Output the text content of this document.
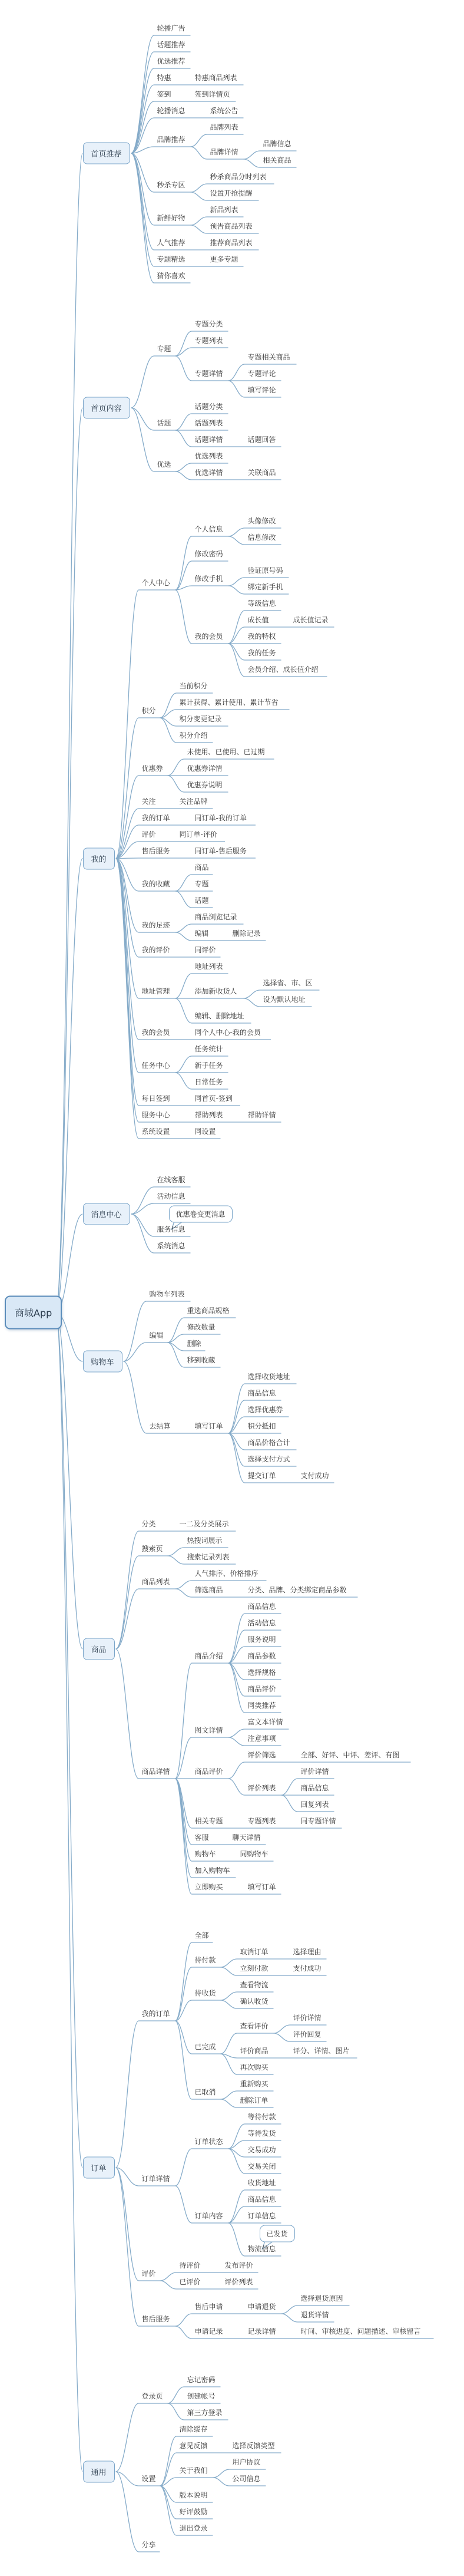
商城App
首页推荐
轮播广告
话题推荐
优选推荐
特惠	特惠商品列表
签到	签到详情页
轮播消息	系统公告
品牌推荐
品牌列表
品牌详情
品牌信息
相关商品
秒杀专区
秒杀商品分时列表
设置开抢提醒
新鲜好物
新品列表
预告商品列表
人气推荐	推荐商品列表
专题精选	更多专题
猜你喜欢
首页内容
专题
专题分类
专题列表
专题详情
专题相关商品
专题评论
填写评论
话题
话题分类
话题列表
话题详情	话题回答
优选
优选列表
优选详情	关联商品
我的
个人中心
个人信息
头像修改
信息修改
修改密码
修改手机
验证原号码
绑定新手机
我的会员
等级信息
成长值	成长值记录
我的特权
我的任务
会员介绍、成长值介绍
积分
当前积分
累计获得、累计使用、累计节省
积分变更记录
积分介绍
优惠券
未使用、已使用、已过期
优惠券详情
优惠券说明
关注	关注品牌
我的订单	同订单-我的订单
评价	同订单-评价
售后服务	同订单-售后服务
我的收藏
商品
专题
话题
我的足迹
商品浏览记录
编辑	删除记录
我的评价	同评价
地址管理
地址列表
添加新收货人
选择省、市、区
设为默认地址
编辑、删除地址
我的会员	同个人中心-我的会员
任务中心
任务统计
新手任务
日常任务
每日签到	同首页-签到
服务中心	帮助列表	帮助详情
系统设置	同设置
消息中心
在线客服
活动信息
优惠卷变更消息
服务信息
系统消息
购物车
购物车列表
编辑
重选商品规格
修改数量
删除
移到收藏
去结算	填写订单
选择收货地址
商品信息
选择优惠券
积分抵扣
商品价格合计
选择支付方式
提交订单	支付成功
商品
分类	一二及分类展示
搜索页
热搜词展示
搜索记录列表
商品列表
人气排序、价格排序
筛选商品	分类、品牌、分类绑定商品参数
商品详情
商品介绍
商品信息
活动信息
服务说明
商品参数
选择规格
商品评价
同类推荐
图文详情
富文本详情
注意事项
商品评价
评价筛选	全部、好评、中评、差评、有图
评价列表
评价详情
商品信息
回复列表
相关专题	专题列表	同专题详情
客服	聊天详情
购物车	同购物车
加入购物车
立即购买	填写订单
订单
我的订单
全部
待付款
取消订单	选择理由
立刻付款	支付成功
待收货
查看物流
确认收货
已完成
查看评价
评价详情
评价回复
评价商品	评分、详情、图片
再次购买
已取消
重新购买
删除订单
订单详情
订单状态
等待付款
等待发货
交易成功
交易关闭
订单内容
收货地址
商品信息
订单信息
已发货
物流信息
评价
待评价	发布评价
已评价	评价列表
售后服务
售后申请	申请退货
选择退货原因
退货详情
申请记录	记录详情	时间、审核进度、问题描述、审核留言
通用
登录页
忘记密码
创建帐号
第三方登录
设置
清除缓存
意见反馈	选择反馈类型
关于我们
用户协议
公司信息
版本说明
好评鼓励
退出登录
分享
